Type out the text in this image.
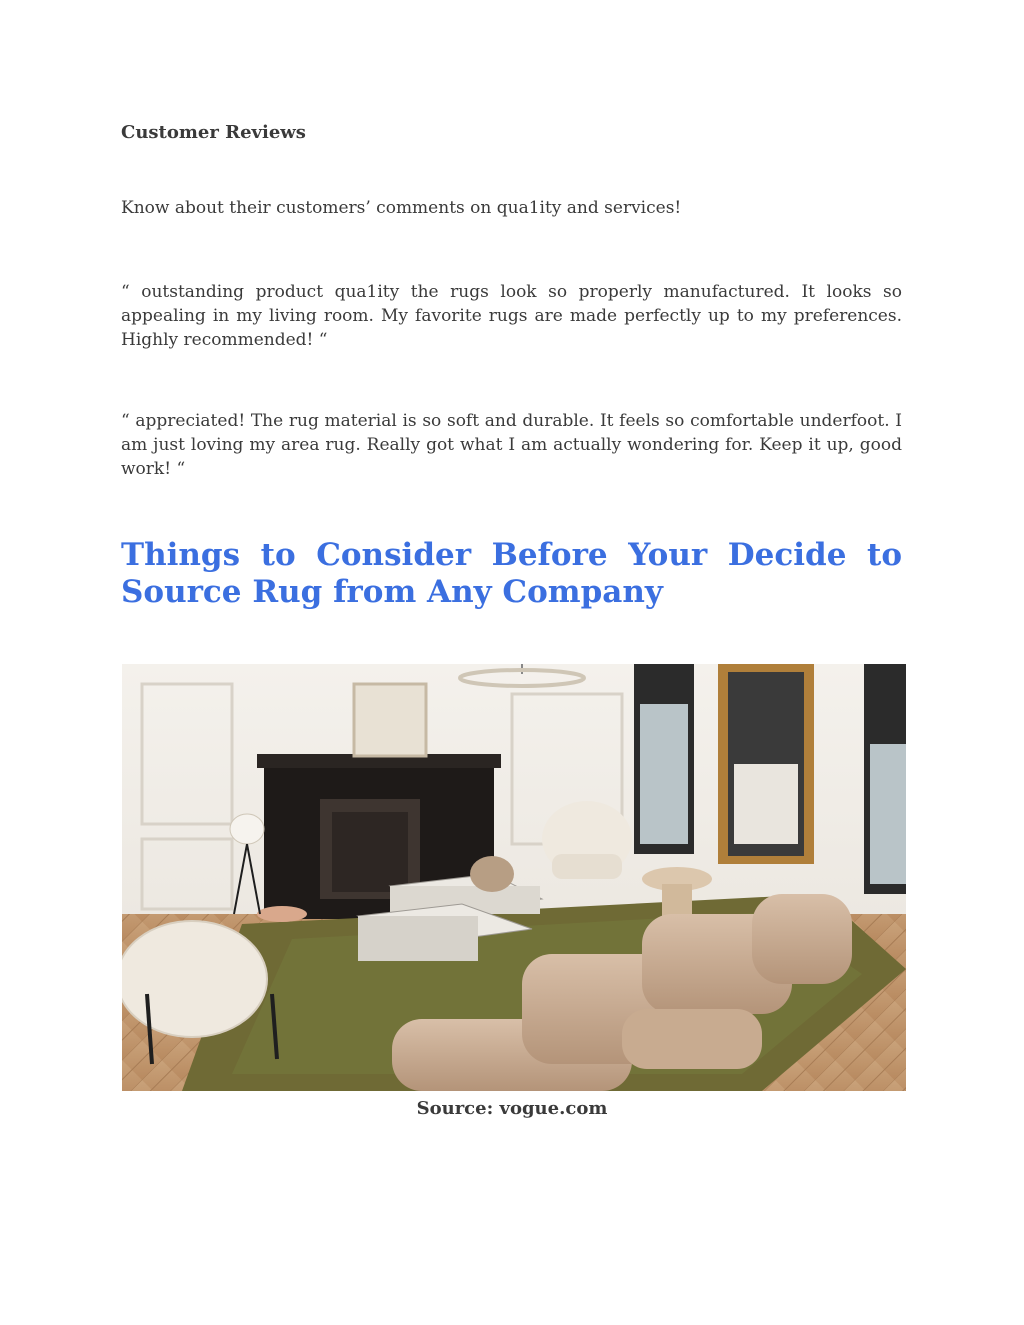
Customer Reviews
Know about their customers’ comments on qua1ity and services!
“ outstanding product qua1ity the rugs look so properly manufactured. It looks so appealing in my living room. My favorite rugs are made perfectly up to my preferences. Highly recommended! “
“ appreciated! The rug material is so soft and durable. It feels so comfortable underfoot. I am just loving my area rug. Really got what I am actually wondering for. Keep it up, good work! “
Things to Consider Before Your Decide to Source Rug from Any Company
Source: vogue.com
